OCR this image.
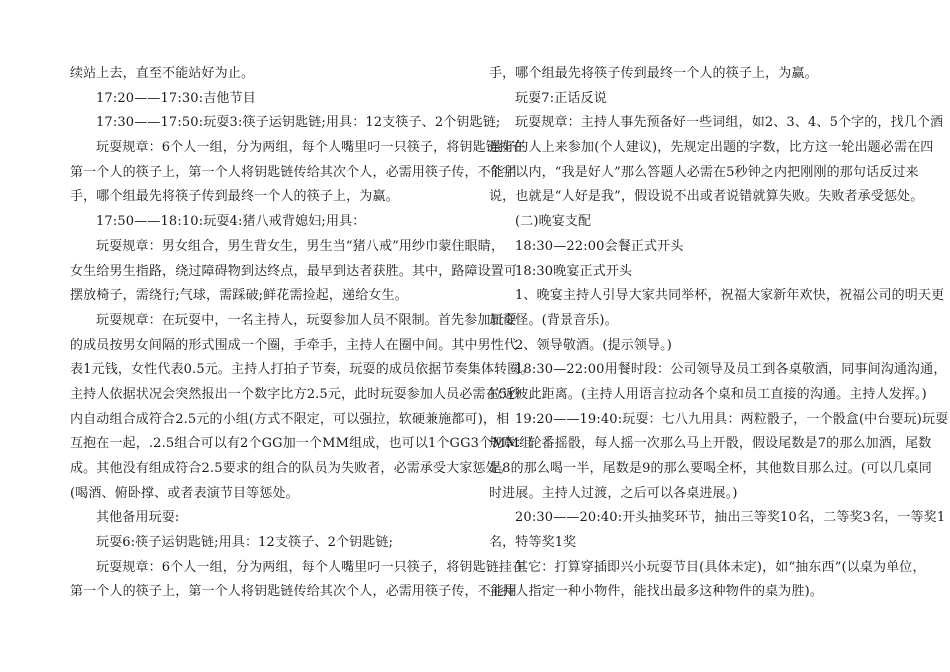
续站上去，直至不能站好为止。
17:20——17:30:吉他节目
17:30——17:50:玩耍3:筷子运钥匙链;用具：12支筷子、2个钥匙链;
玩耍规章：6个人一组，分为两组，每个人嘴里叼一只筷子，将钥匙链挂在
第一个人的筷子上，第一个人将钥匙链传给其次个人，必需用筷子传，不能用
手，哪个组最先将筷子传到最终一个人的筷子上，为赢。
17:50——18:10:玩耍4:猪八戒背媳妇;用具：
玩耍规章：男女组合，男生背女生，男生当“猪八戒”用纱巾蒙住眼睛，
女生给男生指路，绕过障碍物到达终点，最早到达者获胜。其中，路障设置可
摆放椅子，需绕行;气球，需踩破;鲜花需捡起，递给女生。
玩耍规章：在玩耍中，一名主持人，玩耍参加人员不限制。首先参加玩耍
的成员按男女间隔的形式围成一个圈，手牵手，主持人在圈中间。其中男性代
表1元钱，女性代表0.5元。主持人打拍子节奏，玩耍的成员依据节奏集体转圈。
主持人依据状况会突然报出一个数字比方2.5元，此时玩耍参加人员必需在5秒
内自动组合成符合2.5元的小组(方式不限定，可以强拉，软硬兼施都可)，相
互抱在一起，.2.5组合可以有2个GG加一个MM组成，也可以1个GG3个MM组
成。其他没有组成符合2.5要求的组合的队员为失败者，必需承受大家惩处。
(喝酒、俯卧撑、或者表演节目等惩处。
其他备用玩耍:
玩耍6:筷子运钥匙链;用具：12支筷子、2个钥匙链;
玩耍规章：6个人一组，分为两组，每个人嘴里叼一只筷子，将钥匙链挂在
第一个人的筷子上，第一个人将钥匙链传给其次个人，必需用筷子传，不能用
手，哪个组最先将筷子传到最终一个人的筷子上，为赢。
玩耍7:正话反说
玩耍规章：主持人事先预备好一些词组，如2、3、4、5个字的，找几个酒
量好的人上来参加(个人建议)，先规定出题的字数，比方这一轮出题必需在四
个字以内，“我是好人”那么答题人必需在5秒钟之内把刚刚的那句话反过来
说，也就是“人好是我”，假设说不出或者说错就算失败。失败者承受惩处。
(二)晚宴支配
18:30—22:00会餐正式开头
18:30晚宴正式开头
1、晚宴主持人引导大家共同举杯，祝福大家新年欢快，祝福公司的明天更
加奇怪。(背景音乐)。
2、领导敬酒。(提示领导。)
18:30—22:00用餐时段：公司领导及员工到各桌敬酒，同事间沟通沟通，
拉近彼此距离。(主持人用语言拉动各个桌和员工直接的沟通。主持人发挥。)
19:20——19:40:玩耍：七八九用具：两粒骰子，一个骰盒(中台要玩)玩耍
规章：轮番摇骰，每人摇一次那么马上开骰，假设尾数是7的那么加酒，尾数
是8的那么喝一半，尾数是9的那么要喝全杯，其他数目那么过。(可以几桌同
时进展。主持人过渡，之后可以各桌进展。)
20:30——20:40:开头抽奖环节，抽出三等奖10名，二等奖3名，一等奖1
名，特等奖1奖
其它：打算穿插即兴小玩耍节目(具体未定)，如“抽东西”(以桌为单位，
主持人指定一种小物件，能找出最多这种物件的桌为胜)。
